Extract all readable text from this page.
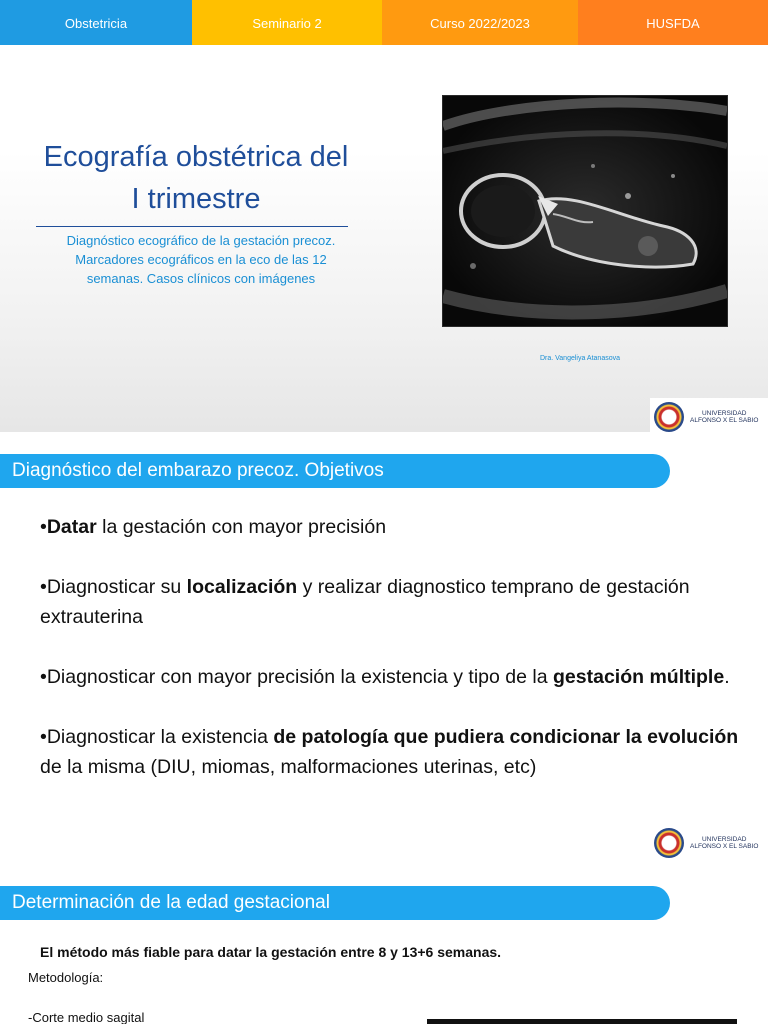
Obstetricia	Seminario 2	Curso 2022/2023	HUSFDA
Ecografía obstétrica del
I trimestre
Diagnóstico ecográfico de la gestación precoz.
Marcadores ecográficos en la eco de las 12
semanas. Casos clínicos con imágenes
Dra. Vangeliya Atanasova
UNIVERSIDAD
ALFONSO X EL SABIO
Diagnóstico del embarazo precoz. Objetivos

•Datar la gestación con mayor precisión

•Diagnosticar su localización y realizar diagnostico temprano de gestación extrauterina

•Diagnosticar con mayor precisión la existencia y tipo de la gestación múltiple.

•Diagnosticar la existencia de patología que pudiera condicionar la evolución de la misma (DIU, miomas, malformaciones uterinas, etc)

UNIVERSIDAD
ALFONSO X EL SABIO
Determinación de la edad gestacional
El método más fiable para datar la gestación entre 8 y 13+6 semanas.
Metodología:
-Corte medio sagital
